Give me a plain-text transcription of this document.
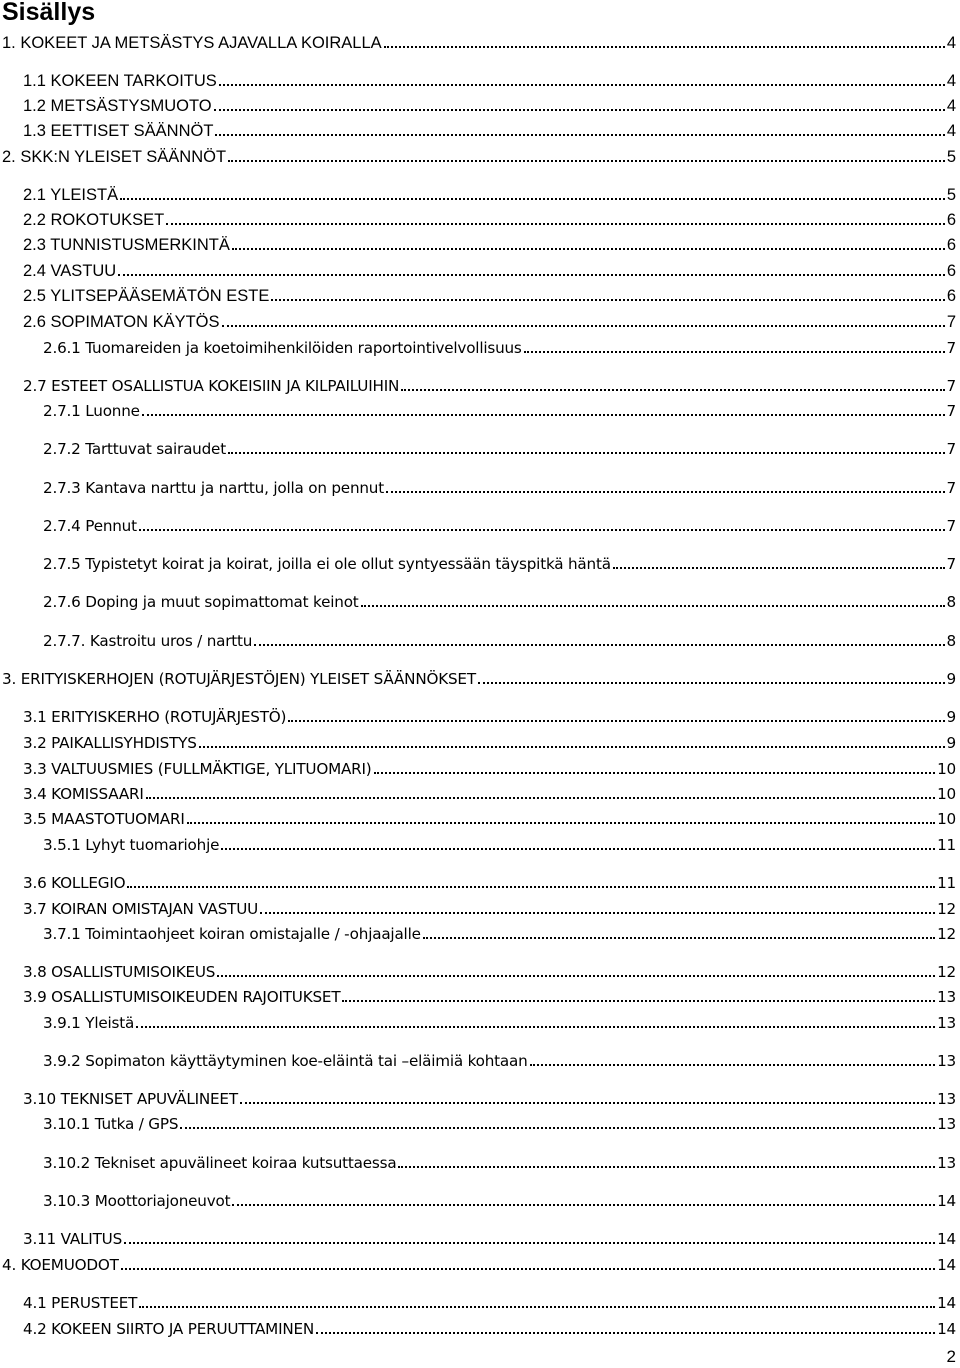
Sisällys
1. KOKEET JA METSÄSTYS AJAVALLA KOIRALLA	4
1.1 KOKEEN TARKOITUS	4
1.2 METSÄSTYSMUOTO	4
1.3 EETTISET SÄÄNNÖT	4
2. SKK:N YLEISET SÄÄNNÖT	5
2.1 YLEISTÄ	5
2.2 ROKOTUKSET	6
2.3 TUNNISTUSMERKINTÄ	6
2.4 VASTUU	6
2.5 YLITSEPÄÄSEMÄTÖN ESTE	6
2.6 SOPIMATON KÄYTÖS	7
2.6.1 Tuomareiden ja koetoimihenkilöiden raportointivelvollisuus	7
2.7 ESTEET OSALLISTUA KOKEISIIN JA KILPAILUIHIN	7
2.7.1 Luonne	7
2.7.2 Tarttuvat sairaudet	7
2.7.3 Kantava narttu ja narttu, jolla on pennut	7
2.7.4 Pennut	7
2.7.5 Typistetyt koirat ja koirat, joilla ei ole ollut syntyessään täyspitkä häntä	7
2.7.6 Doping ja muut sopimattomat keinot	8
2.7.7. Kastroitu uros / narttu	8
3. ERITYISKERHOJEN (ROTUJÄRJESTÖJEN) YLEISET SÄÄNNÖKSET	9
3.1 ERITYISKERHO (ROTUJÄRJESTÖ)	9
3.2 PAIKALLISYHDISTYS	9
3.3 VALTUUSMIES (FULLMÄKTIGE, YLITUOMARI)	10
3.4 KOMISSAARI	10
3.5 MAASTOTUOMARI	10
3.5.1 Lyhyt tuomariohje	11
3.6 KOLLEGIO	11
3.7 KOIRAN OMISTAJAN VASTUU	12
3.7.1 Toimintaohjeet koiran omistajalle / -ohjaajalle	12
3.8 OSALLISTUMISOIKEUS	12
3.9 OSALLISTUMISOIKEUDEN RAJOITUKSET	13
3.9.1 Yleistä	13
3.9.2 Sopimaton käyttäytyminen koe-eläintä tai –eläimiä kohtaan	13
3.10 TEKNISET APUVÄLINEET	13
3.10.1 Tutka / GPS	13
3.10.2 Tekniset apuvälineet koiraa kutsuttaessa	13
3.10.3 Moottoriajoneuvot	14
3.11 VALITUS	14
4. KOEMUODOT	14
4.1 PERUSTEET	14
4.2 KOKEEN SIIRTO JA PERUUTTAMINEN	14
2
